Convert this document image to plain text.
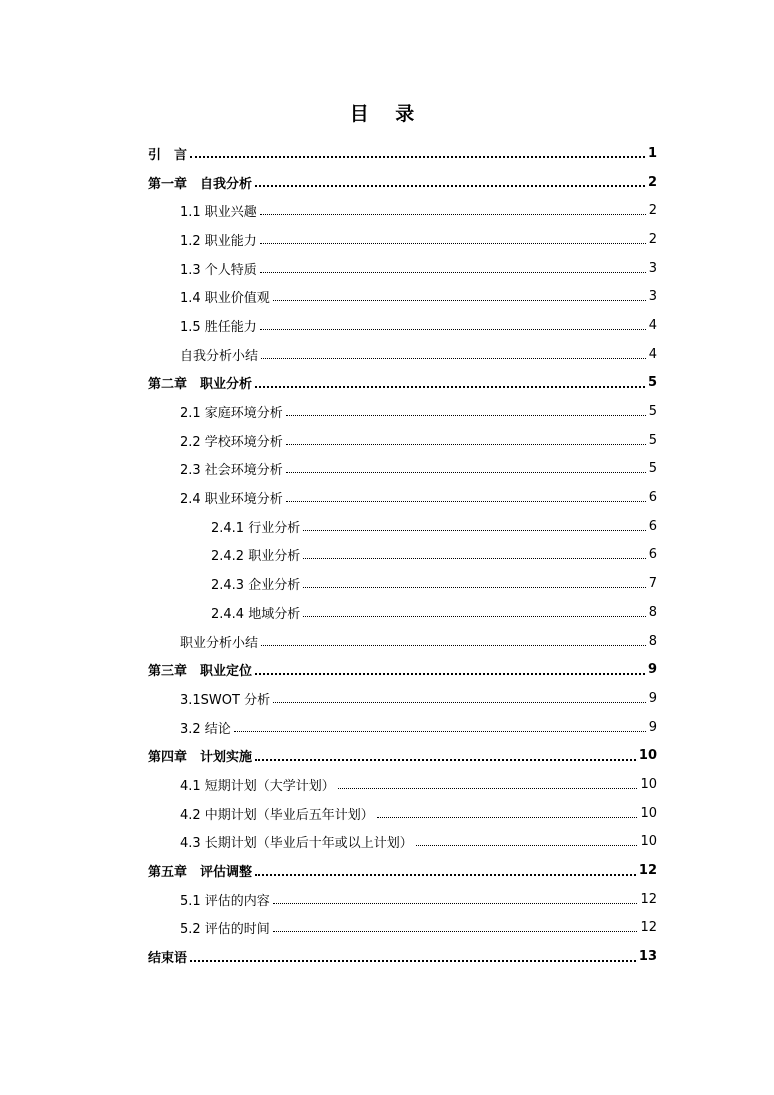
目 录
引　言	1
第一章　自我分析	2
1.1 职业兴趣	2
1.2 职业能力	2
1.3 个人特质	3
1.4 职业价值观	3
1.5 胜任能力	4
自我分析小结	4
第二章　职业分析	5
2.1 家庭环境分析	5
2.2 学校环境分析	5
2.3 社会环境分析	5
2.4 职业环境分析	6
2.4.1 行业分析	6
2.4.2 职业分析	6
2.4.3 企业分析	7
2.4.4 地域分析	8
职业分析小结	8
第三章　职业定位	9
3.1SWOT 分析	9
3.2 结论	9
第四章　计划实施	10
4.1 短期计划（大学计划）	10
4.2 中期计划（毕业后五年计划）	10
4.3 长期计划（毕业后十年或以上计划）	10
第五章　评估调整	12
5.1 评估的内容	12
5.2 评估的时间	12
结束语	13
